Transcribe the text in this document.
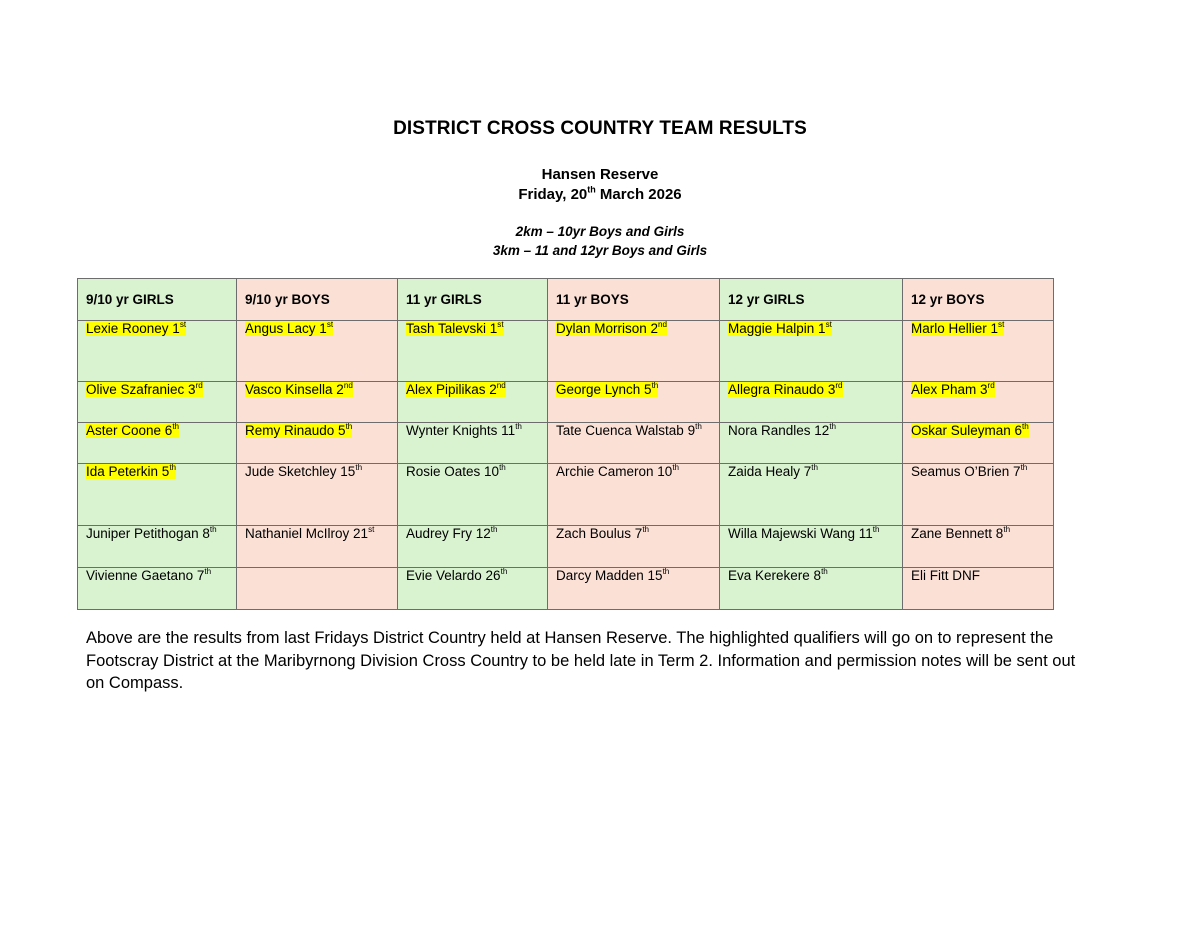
DISTRICT CROSS COUNTRY TEAM RESULTS
Hansen Reserve
Friday, 20th March 2026
2km – 10yr Boys and Girls
3km – 11 and 12yr Boys and Girls
9/10 yr GIRLS	9/10 yr BOYS	11 yr GIRLS	11 yr BOYS	12 yr GIRLS	12 yr BOYS
Lexie Rooney 1st	Angus Lacy 1st	Tash Talevski 1st	Dylan Morrison 2nd	Maggie Halpin 1st	Marlo Hellier 1st
Olive Szafraniec 3rd	Vasco Kinsella 2nd	Alex Pipilikas 2nd	George Lynch 5th	Allegra Rinaudo 3rd	Alex Pham 3rd
Aster Coone 6th	Remy Rinaudo 5th	Wynter Knights 11th	Tate Cuenca Walstab 9th	Nora Randles 12th	Oskar Suleyman 6th
Ida Peterkin 5th	Jude Sketchley 15th	Rosie Oates 10th	Archie Cameron 10th	Zaida Healy 7th	Seamus O’Brien 7th
Juniper Petithogan 8th	Nathaniel McIlroy 21st	Audrey Fry 12th	Zach Boulus 7th	Willa Majewski Wang 11th	Zane Bennett 8th
Vivienne Gaetano 7th		Evie Velardo 26th	Darcy Madden 15th	Eva Kerekere 8th	Eli Fitt DNF
Above are the results from last Fridays District Country held at Hansen Reserve. The highlighted qualifiers will go on to represent the Footscray District at the Maribyrnong Division Cross Country to be held late in Term 2. Information and permission notes will be sent out on Compass.
